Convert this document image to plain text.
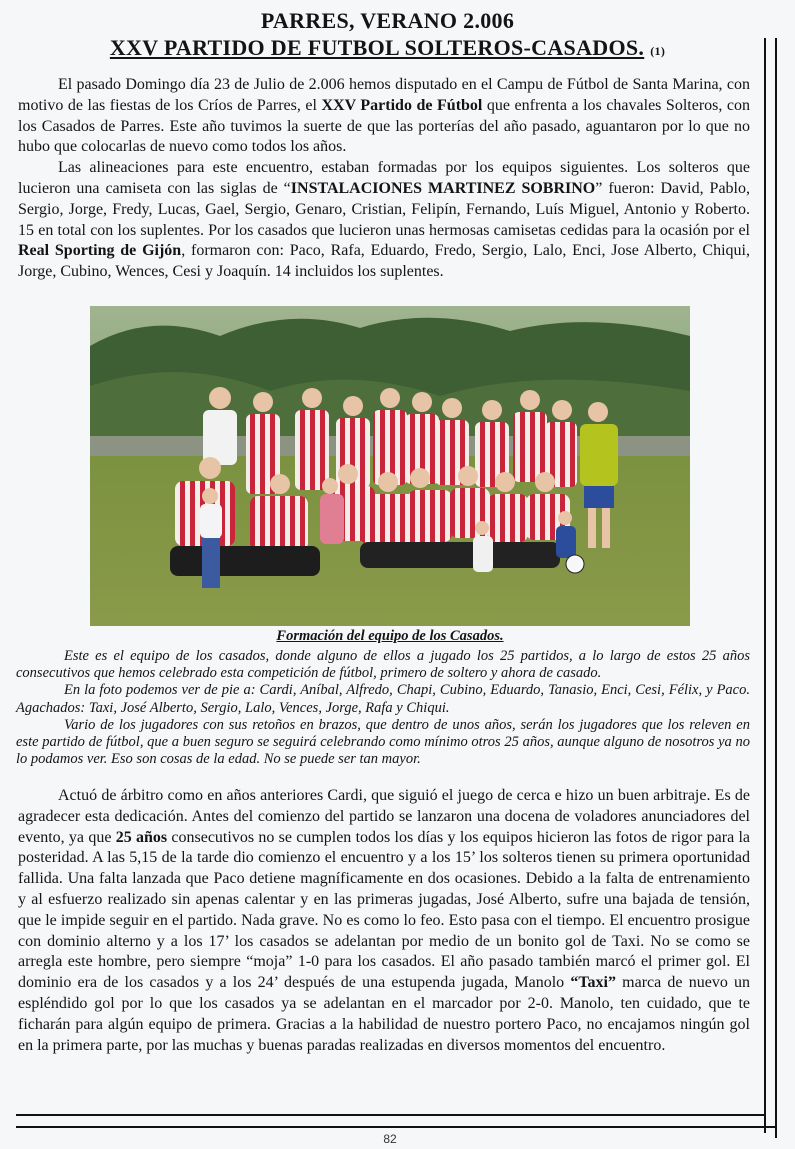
PARRES, VERANO 2.006
XXV PARTIDO DE FUTBOL SOLTEROS-CASADOS. (1)

El pasado Domingo día 23 de Julio de 2.006 hemos disputado en el Campu de Fútbol de Santa Marina, con motivo de las fiestas de los Críos de Parres, el XXV Partido de Fútbol que enfrenta a los chavales Solteros, con los Casados de Parres. Este año tuvimos la suerte de que las porterías del año pasado, aguantaron por lo que no hubo que colocarlas de nuevo como todos los años.

Las alineaciones para este encuentro, estaban formadas por los equipos siguientes. Los solteros que lucieron una camiseta con las siglas de “INSTALACIONES MARTINEZ SOBRINO” fueron: David, Pablo, Sergio, Jorge, Fredy, Lucas, Gael, Sergio, Genaro, Cristian, Felipín, Fernando, Luís Miguel, Antonio y Roberto. 15 en total con los suplentes. Por los casados que lucieron unas hermosas camisetas cedidas para la ocasión por el Real Sporting de Gijón, formaron con: Paco, Rafa, Eduardo, Fredo, Sergio, Lalo, Enci, Jose Alberto, Chiqui, Jorge, Cubino, Wences, Cesi y Joaquín. 14 incluidos los suplentes.

Formación del equipo de los Casados.

Este es el equipo de los casados, donde alguno de ellos a jugado los 25 partidos, a lo largo de estos 25 años consecutivos que hemos celebrado esta competición de fútbol, primero de soltero y ahora de casado.

En la foto podemos ver de pie a: Cardi, Aníbal, Alfredo, Chapi, Cubino, Eduardo, Tanasio, Enci, Cesi, Félix, y Paco. Agachados: Taxi, José Alberto, Sergio, Lalo, Vences, Jorge, Rafa y Chiqui.

Vario de los jugadores con sus retoños en brazos, que dentro de unos años, serán los jugadores que los releven en este partido de fútbol, que a buen seguro se seguirá celebrando como mínimo otros 25 años, aunque alguno de nosotros ya no lo podamos ver. Eso son cosas de la edad. No se puede ser tan mayor.

Actuó de árbitro como en años anteriores Cardi, que siguió el juego de cerca e hizo un buen arbitraje. Es de agradecer esta dedicación. Antes del comienzo del partido se lanzaron una docena de voladores anunciadores del evento, ya que 25 años consecutivos no se cumplen todos los días y los equipos hicieron las fotos de rigor para la posteridad. A las 5,15 de la tarde dio comienzo el encuentro y a los 15’ los solteros tienen su primera oportunidad fallida. Una falta lanzada que Paco detiene magníficamente en dos ocasiones. Debido a la falta de entrenamiento y al esfuerzo realizado sin apenas calentar y en las primeras jugadas, José Alberto, sufre una bajada de tensión, que le impide seguir en el partido. Nada grave. No es como lo feo. Esto pasa con el tiempo. El encuentro prosigue con dominio alterno y a los 17’ los casados se adelantan por medio de un bonito gol de Taxi. No se como se arregla este hombre, pero siempre “moja” 1-0 para los casados. El año pasado también marcó el primer gol. El dominio era de los casados y a los 24’ después de una estupenda jugada, Manolo “Taxi” marca de nuevo un espléndido gol por lo que los casados ya se adelantan en el marcador por 2-0. Manolo, ten cuidado, que te ficharán para algún equipo de primera. Gracias a la habilidad de nuestro portero Paco, no encajamos ningún gol en la primera parte, por las muchas y buenas paradas realizadas en diversos momentos del encuentro.

82
